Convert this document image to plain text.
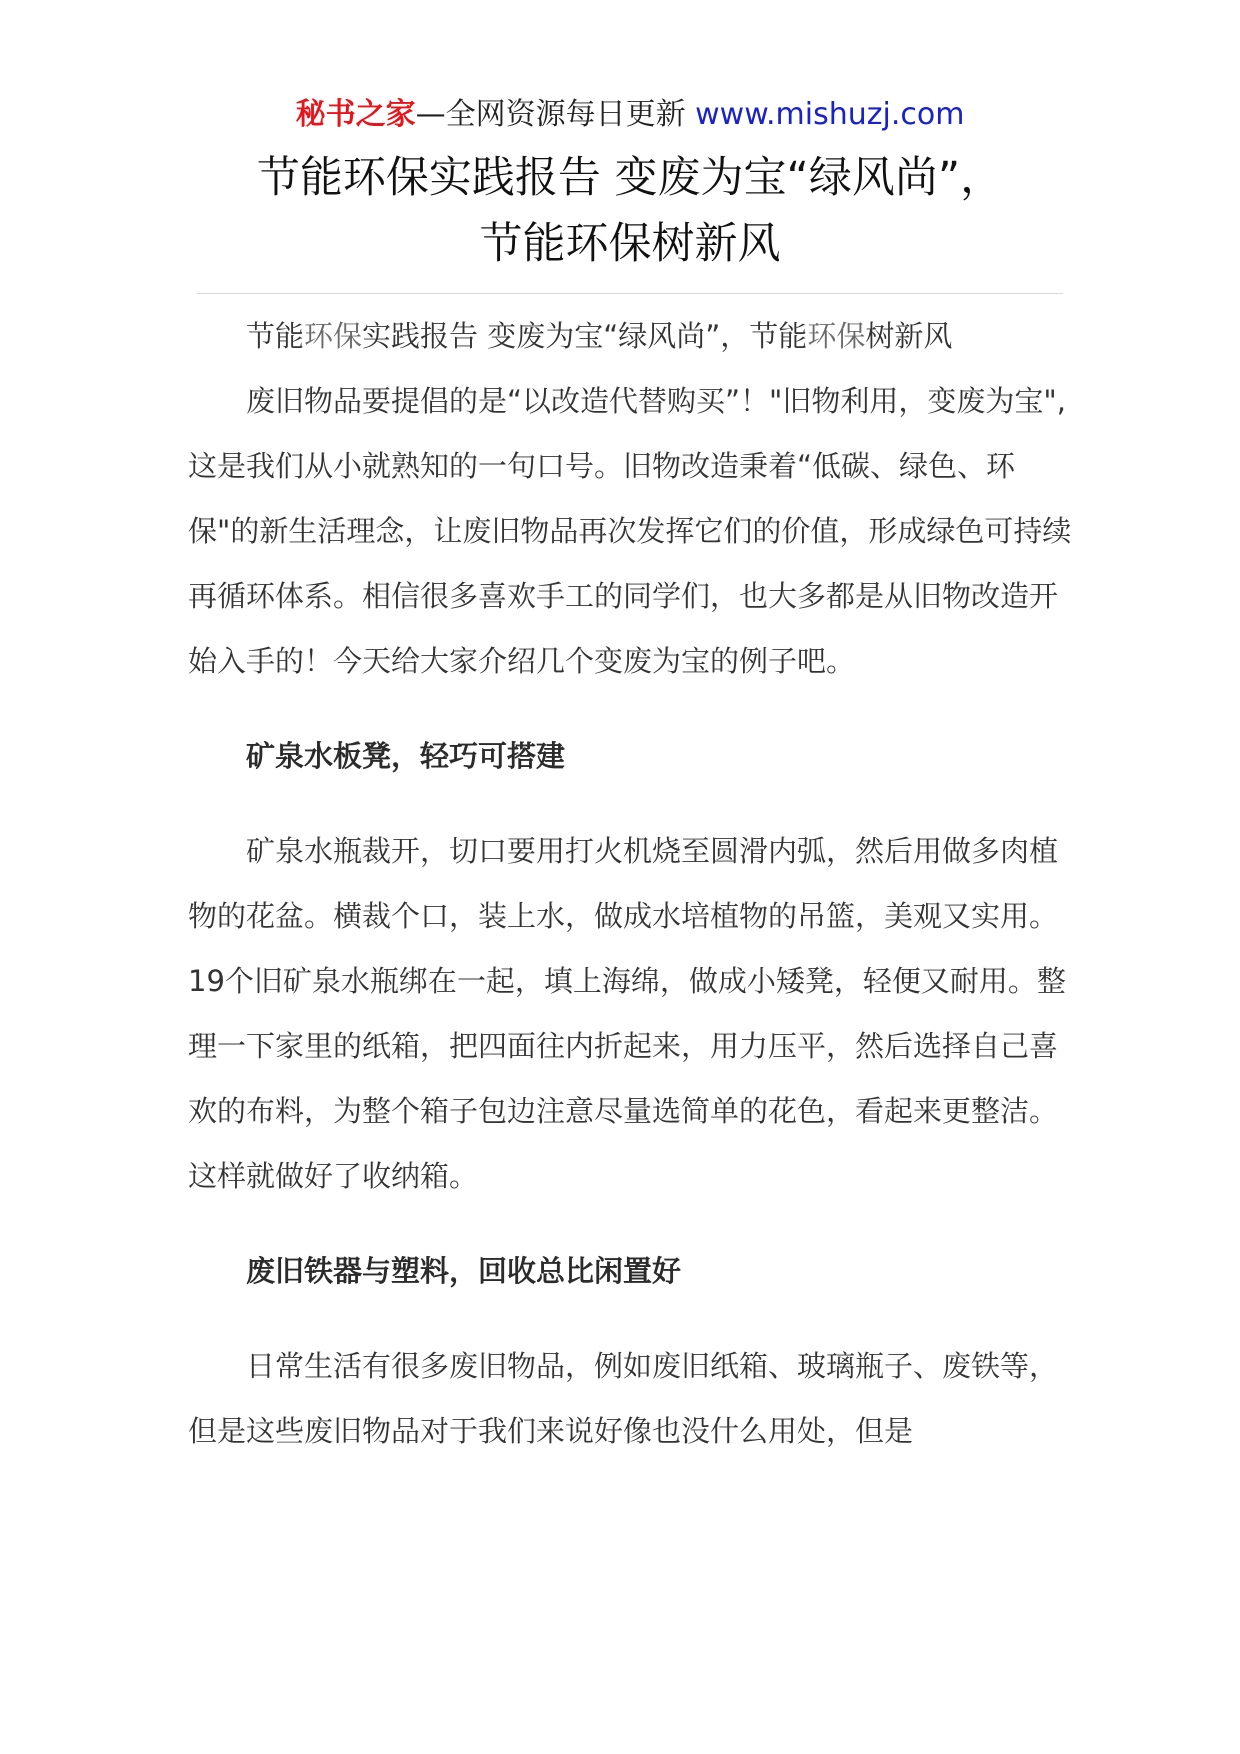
秘书之家—全网资源每日更新 www.mishuzj.com
节能环保实践报告 变废为宝“绿风尚”，
节能环保树新风

节能环保实践报告 变废为宝“绿风尚”，节能环保树新风

废旧物品要提倡的是“以改造代替购买”！"旧物利用，变废为宝",这是我们从小就熟知的一句口号。旧物改造秉着“低碳、绿色、环保"的新生活理念，让废旧物品再次发挥它们的价值，形成绿色可持续再循环体系。相信很多喜欢手工的同学们，也大多都是从旧物改造开始入手的！今天给大家介绍几个变废为宝的例子吧。

矿泉水板凳，轻巧可搭建

矿泉水瓶裁开，切口要用打火机烧至圆滑内弧，然后用做多肉植物的花盆。横裁个口，装上水，做成水培植物的吊篮，美观又实用。19个旧矿泉水瓶绑在一起，填上海绵，做成小矮凳，轻便又耐用。整理一下家里的纸箱，把四面往内折起来，用力压平，然后选择自己喜欢的布料，为整个箱子包边注意尽量选简单的花色，看起来更整洁。这样就做好了收纳箱。

废旧铁器与塑料，回收总比闲置好

日常生活有很多废旧物品，例如废旧纸箱、玻璃瓶子、废铁等，但是这些废旧物品对于我们来说好像也没什么用处，但是
